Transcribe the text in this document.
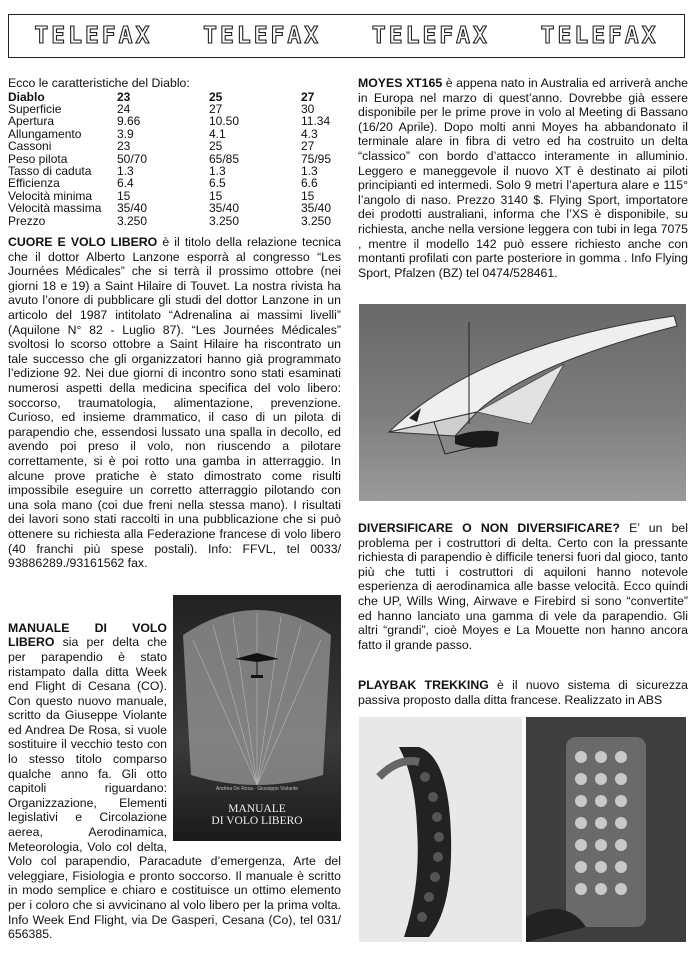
TELEFAX TELEFAX TELEFAX TELEFAX

Ecco le caratteristiche del Diablo:

Diablo	23	25	27
Superficie	24	27	30
Apertura	9.66	10.50	11.34
Allungamento	3.9	4.1	4.3
Cassoni	23	25	27
Peso pilota	50/70	65/85	75/95
Tasso di caduta	1.3	1.3	1.3
Efficienza	6.4	6.5	6.6
Velocità minima	15	15	15
Velocità massima	35/40	35/40	35/40
Prezzo	3.250	3.250	3.250

CUORE E VOLO LIBERO è il titolo della relazione tecnica che il dottor Alberto Lanzone esporrà al congresso “Les Journées Médicales” che si terrà il prossimo ottobre (nei giorni 18 e 19) a Saint Hilaire di Touvet. La nostra rivista ha avuto l’onore di pubblicare gli studi del dottor Lanzone in un articolo del 1987 intitolato “Adrenalina ai massimi livelli” (Aquilone N° 82 - Luglio 87). “Les Journées Médicales” svoltosi lo scorso ottobre a Saint Hilaire ha riscontrato un tale successo che gli organizzatori hanno già programmato l’edizione 92. Nei due giorni di incontro sono stati esaminati numerosi aspetti della medicina specifica del volo libero: soccorso, traumatologia, alimentazione, prevenzione. Curioso, ed insieme drammatico, il caso di un pilota di parapendio che, essendosi lussato una spalla in decollo, ed avendo poi preso il volo, non riuscendo a pilotare correttamente, si è poi rotto una gamba in atterraggio. In alcune prove pratiche è stato dimostrato come risulti impossibile eseguire un corretto atterraggio pilotando con una sola mano (coi due freni nella stessa mano). I risultati dei lavori sono stati raccolti in una pubblicazione che si può ottenere su richiesta alla Federazione francese di volo libero (40 franchi più spese postali). Info: FFVL, tel 0033/ 93886289./93161562 fax.

Andrea De Rosa · Giuseppe Violante
MANUALE
DI VOLO LIBERO

MANUALE DI VOLO LIBERO sia per delta che per parapendio è stato ristampato dalla ditta Week end Flight di Cesana (CO). Con questo nuovo manuale, scritto da Giuseppe Violante ed Andrea De Rosa, si vuole sostituire il vecchio testo con lo stesso titolo comparso qualche anno fa. Gli otto capitoli riguardano: Organizzazione, Elementi legislativi e Circolazione aerea, Aerodinamica, Meteorologia, Volo col delta, Volo col parapendio, Paracadute d’emergenza, Arte del veleggiare, Fisiologia e pronto soccorso. Il manuale è scritto in modo semplice e chiaro e costituisce un ottimo elemento per i coloro che si avvicinano al volo libero per la prima volta. Info Week End Flight, via De Gasperi, Cesana (Co), tel 031/ 656385.

MOYES XT165 è appena nato in Australia ed arriverà anche in Europa nel marzo di quest’anno. Dovrebbe già essere disponibile per le prime prove in volo al Meeting di Bassano (16/20 Aprile). Dopo molti anni Moyes ha abbandonato il terminale alare in fibra di vetro ed ha costruito un delta “classico” con bordo d’attacco interamente in alluminio. Leggero e maneggevole il nuovo XT è destinato ai piloti principianti ed intermedi. Solo 9 metri l’apertura alare e 115° l’angolo di naso. Prezzo 3140 $. Flying Sport, importatore dei prodotti australiani, informa che l’XS è disponibile, su richiesta, anche nella versione leggera con tubi in lega 7075 , mentre il modello 142 può essere richiesto anche con montanti profilati con parte posteriore in gomma . Info Flying Sport, Pfalzen (BZ) tel 0474/528461.

DIVERSIFICARE O NON DIVERSIFICARE? E’ un bel problema per i costruttori di delta. Certo con la pressante richiesta di parapendio è difficile tenersi fuori dal gioco, tanto più che tutti i costruttori di aquiloni hanno notevole esperienza di aerodinamica alle basse velocità. Ecco quindi che UP, Wills Wing, Airwave e Firebird si sono “convertite” ed hanno lanciato una gamma di vele da parapendio. Gli altri “grandi”, cioè Moyes e La Mouette non hanno ancora fatto il grande passo.

PLAYBAK TREKKING è il nuovo sistema di sicurezza passiva proposto dalla ditta francese. Realizzato in ABS
